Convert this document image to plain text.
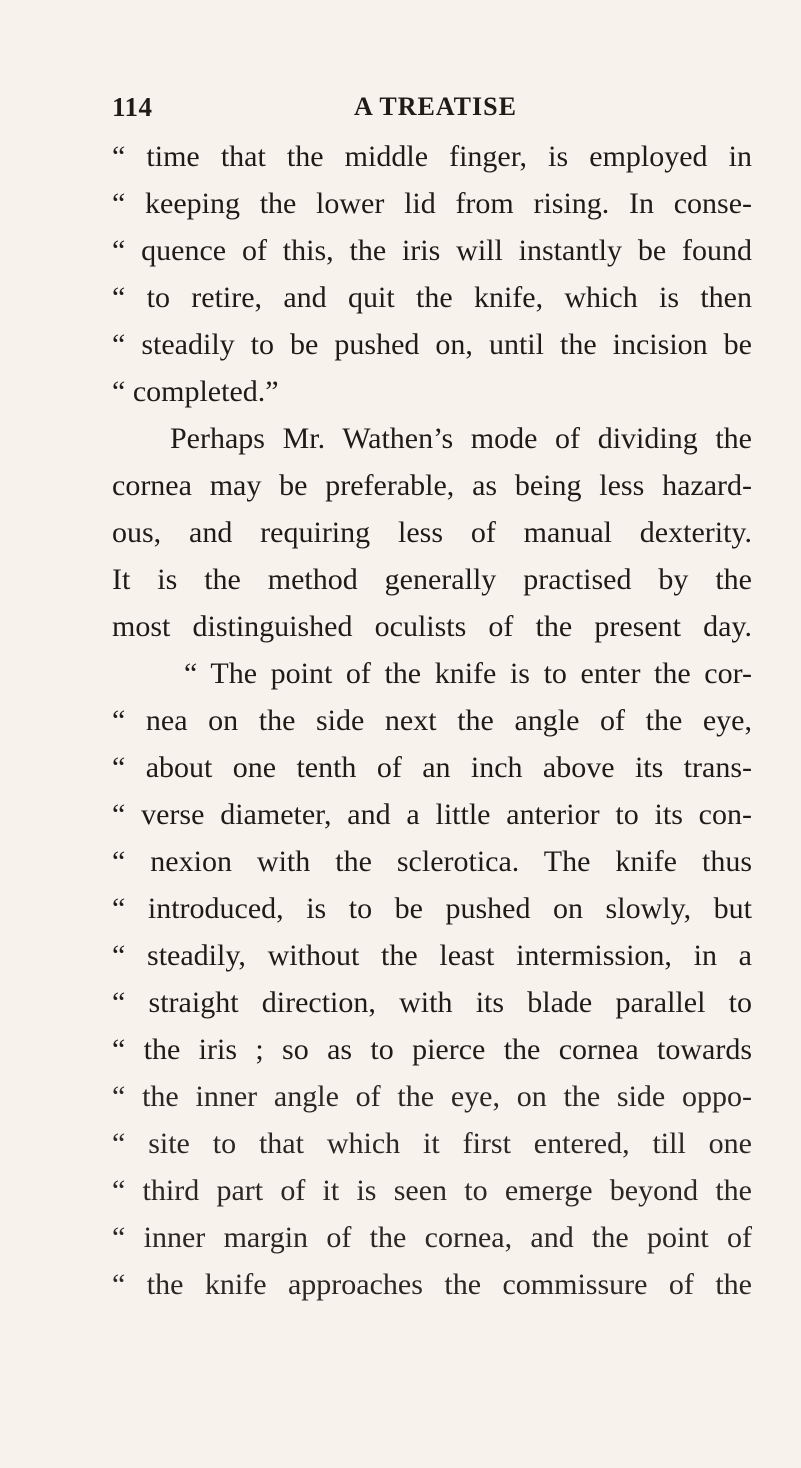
114	A TREATISE
“ time that the middle finger, is employed in
“ keeping the lower lid from rising. In conse-
“ quence of this, the iris will instantly be found
“ to retire, and quit the knife, which is then
“ steadily to be pushed on, until the incision be
“ completed.”
Perhaps Mr. Wathen’s mode of dividing the
cornea may be preferable, as being less hazard-
ous, and requiring less of manual dexterity.
It is the method generally practised by the
most distinguished oculists of the present day.
“ The point of the knife is to enter the cor-
“ nea on the side next the angle of the eye,
“ about one tenth of an inch above its trans-
“ verse diameter, and a little anterior to its con-
“ nexion with the sclerotica. The knife thus
“ introduced, is to be pushed on slowly, but
“ steadily, without the least intermission, in a
“ straight direction, with its blade parallel to
“ the iris ; so as to pierce the cornea towards
“ the inner angle of the eye, on the side oppo-
“ site to that which it first entered, till one
“ third part of it is seen to emerge beyond the
“ inner margin of the cornea, and the point of
“ the knife approaches the commissure of the
